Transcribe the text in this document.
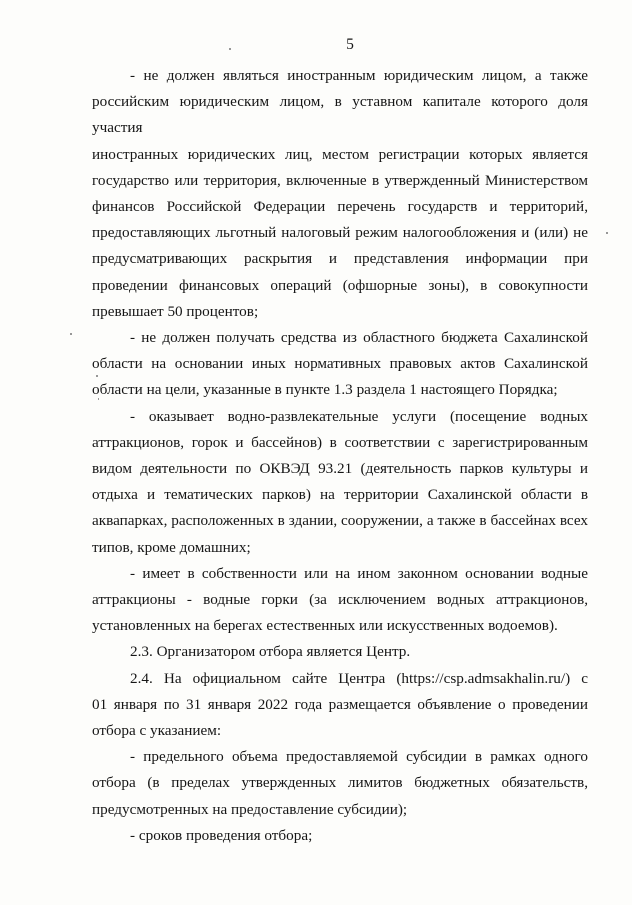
5

- не должен являться иностранным юридическим лицом, а также
российским юридическим лицом, в уставном капитале которого доля участия
иностранных юридических лиц, местом регистрации которых является
государство или территория, включенные в утвержденный Министерством
финансов Российской Федерации перечень государств и территорий,
предоставляющих льготный налоговый режим налогообложения и (или) не
предусматривающих раскрытия и представления информации при
проведении финансовых операций (офшорные зоны), в совокупности
превышает 50 процентов;

- не должен получать средства из областного бюджета Сахалинской
области на основании иных нормативных правовых актов Сахалинской
области на цели, указанные в пункте 1.3 раздела 1 настоящего Порядка;

- оказывает водно-развлекательные услуги (посещение водных
аттракционов, горок и бассейнов) в соответствии с зарегистрированным
видом деятельности по ОКВЭД 93.21 (деятельность парков культуры и
отдыха и тематических парков) на территории Сахалинской области в
аквапарках, расположенных в здании, сооружении, а также в бассейнах всех
типов, кроме домашних;

- имеет в собственности или на ином законном основании водные
аттракционы - водные горки (за исключением водных аттракционов,
установленных на берегах естественных или искусственных водоемов).

2.3. Организатором отбора является Центр.

2.4. На официальном сайте Центра (https://csp.admsakhalin.ru/) с
01 января по 31 января 2022 года размещается объявление о проведении
отбора с указанием:

- предельного объема предоставляемой субсидии в рамках одного
отбора (в пределах утвержденных лимитов бюджетных обязательств,
предусмотренных на предоставление субсидии);

- сроков проведения отбора;
